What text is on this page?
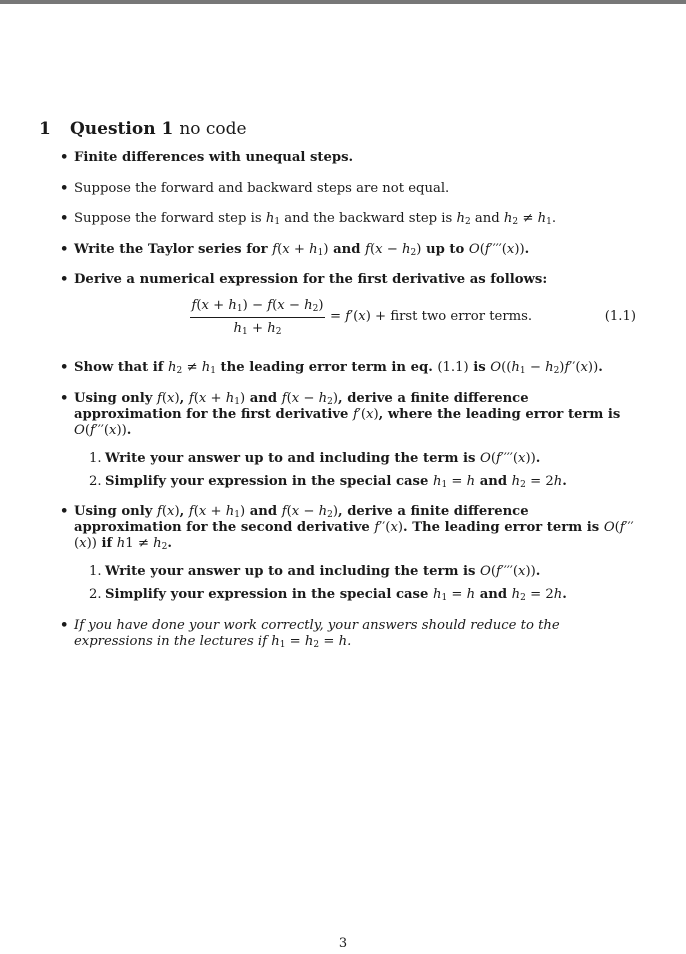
1	Question 1 no code
• Finite differences with unequal steps.
• Suppose the forward and backward steps are not equal.
• Suppose the forward step is $h_1$ and the backward step is $h_2$ and $h_2 \ne h_1$.
• Write the Taylor series for $f(x + h_1)$ and $f(x - h_2)$ up to O(f′′′′(x)).
• Derive a numerical expression for the first derivative as follows:
$\frac{f(x + h_1) - f(x - h_2)}{h_1 + h_2} = f'(x)$ + first two error terms.	(1.1)
• Show that if $h_2 \ne h_1$ the leading error term in eq. (1.1) is $O((h_1 - h_2)f''(x))$.
• Using only f(x), $f(x + h_1)$ and $f(x - h_2)$, derive a finite difference approximation for the first derivative f′(x), where the leading error term is O(f′′′(x)).
1. Write your answer up to and including the term is O(f′′′′(x)).
2. Simplify your expression in the special case $h_1 = h$ and $h_2 = 2h$.
• Using only f(x), $f(x + h_1)$ and $f(x - h_2)$, derive a finite difference approximation for the second derivative f′′(x). The leading error term is O(f′′′(x)) if $h1 \ne h_2$.
1. Write your answer up to and including the term is O(f′′′′(x)).
2. Simplify your expression in the special case $h_1 = h$ and $h_2 = 2h$.
• If you have done your work correctly, your answers should reduce to the expressions in the lectures if $h_1 = h_2 = h$.
3
